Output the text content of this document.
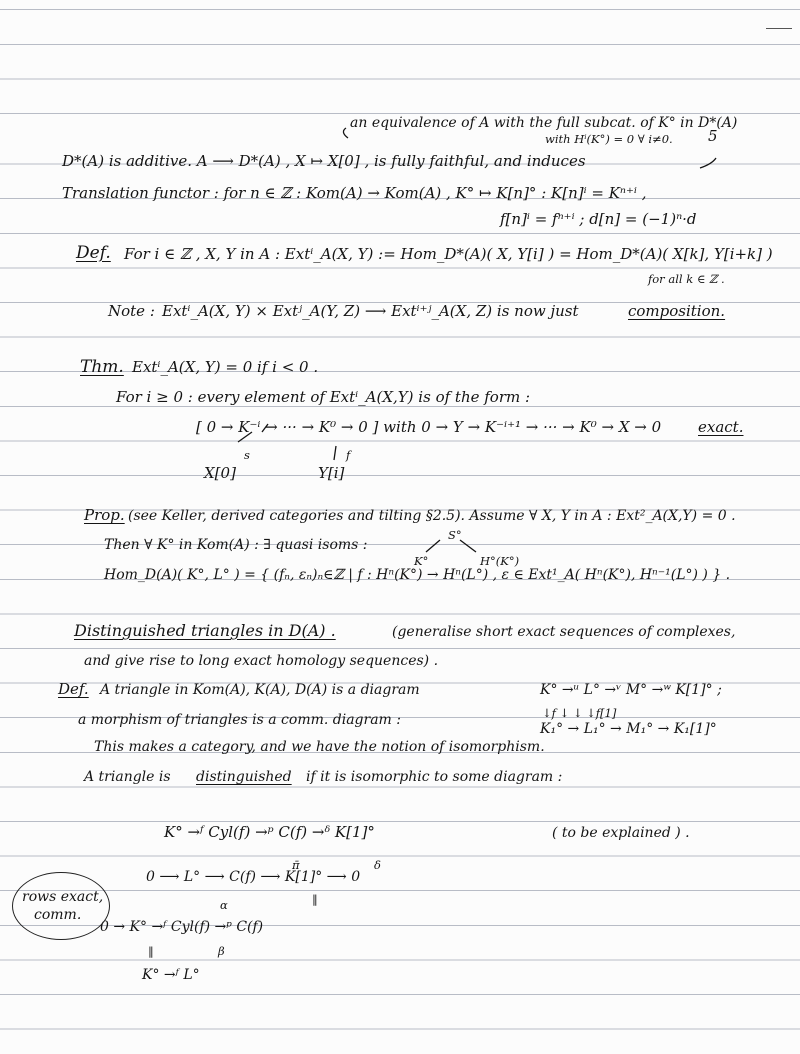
an equivalence of A with the full subcat. of K° in D*(A)
with Hⁱ(K°) = 0 ∀ i≠0. 5
D*(A) is additive. A ⟶ D*(A) , X ↦ X[0] , is fully faithful, and induces
Translation functor : for n ∈ ℤ : Kom(A) → Kom(A) , K° ↦ K[n]° : K[n]ⁱ = Kⁿ⁺ⁱ ,
f[n]ⁱ = fⁿ⁺ⁱ ; d[n] = (−1)ⁿ·d
Def. For i ∈ ℤ , X, Y in A : Extⁱ_A(X, Y) := Hom_D*(A)( X, Y[i] ) = Hom_D*(A)( X[k], Y[i+k] )
for all k ∈ ℤ .
Note : Extⁱ_A(X, Y) × Extʲ_A(Y, Z) ⟶ Extⁱ⁺ʲ_A(X, Z) is now just	composition.
Thm. Extⁱ_A(X, Y) = 0 if i < 0 .
For i ≥ 0 : every element of Extⁱ_A(X,Y) is of the form :
[ 0 → K⁻ⁱ → ··· → K⁰ → 0 ] with 0 → Y → K⁻ⁱ⁺¹ → ··· → K⁰ → X → 0 exact.
s	f
X[0]	Y[i]
Prop. (see Keller, derived categories and tilting §2.5). Assume ∀ X, Y in A : Ext²_A(X,Y) = 0 .
Then ∀ K° in Kom(A) : ∃ quasi isoms :
S°
K°	H°(K°)
Hom_D(A)( K°, L° ) = { (fₙ, εₙ)ₙ∈ℤ | f : Hⁿ(K°) → Hⁿ(L°) , ε ∈ Ext¹_A( Hⁿ(K°), Hⁿ⁻¹(L°) ) } .
Distinguished triangles in D(A) .	(generalise short exact sequences of complexes,
and give rise to long exact homology sequences) .
Def. A triangle in Kom(A), K(A), D(A) is a diagram
a morphism of triangles is a comm. diagram :
K° →ᵘ L° →ᵛ M° →ʷ K[1]° ;
↓f ↓ ↓ ↓f[1]
K₁° → L₁° → M₁° → K₁[1]°
This makes a category, and we have the notion of isomorphism.
A triangle is distinguished if it is isomorphic to some diagram :
K° →ᶠ Cyl(f) →ᵖ C(f) →ᵟ K[1]°	( to be explained ) .
0 ⟶ L° ⟶ C(f) ⟶ K[1]° ⟶ 0
π̄	δ
α	‖
0 → K° →ᶠ Cyl(f) →ᵖ C(f)
‖	β
K° →ᶠ L°
rows exact,
comm.
